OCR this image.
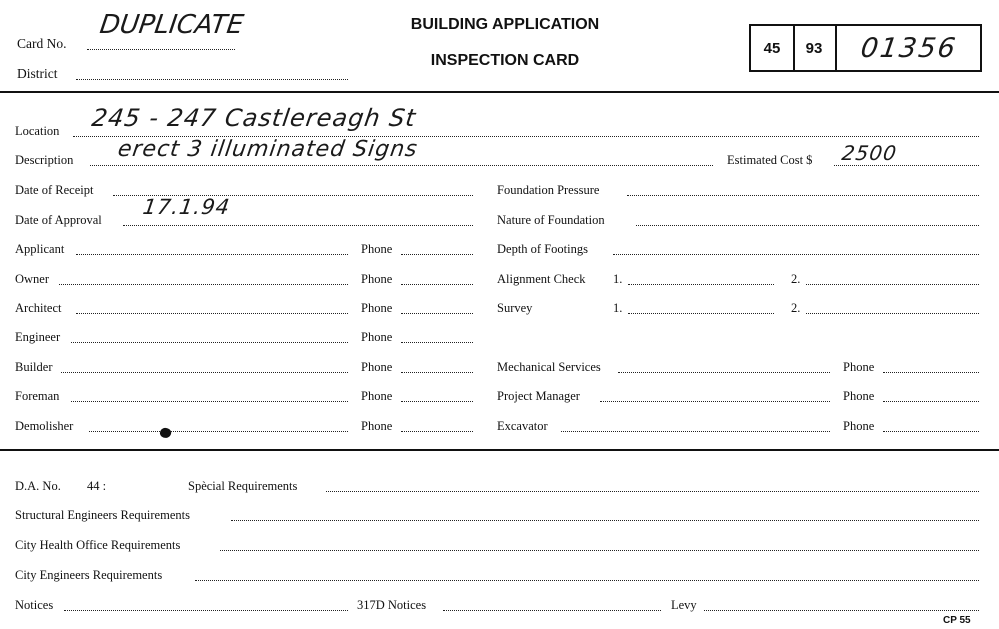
Card No.
DUPLICATE
District
BUILDING APPLICATION
INSPECTION CARD
45 93 01356
Location 245 - 247 Castlereagh St
Description erect 3 illuminated Signs	Estimated Cost $ 2500
Date of Receipt
Date of Approval
17.1.94
Applicant	Phone
Owner	Phone
Architect	Phone
Engineer	Phone
Builder	Phone
Foreman	Phone
Demolisher	Phone
Foundation Pressure
Nature of Foundation
Depth of Footings
Alignment Check 1.	2.
Survey	1.	2.
Mechanical Services	Phone
Project Manager	Phone
Excavator	Phone
D.A. No. 44 :	Spècial Requirements
Structural Engineers Requirements
City Health Office Requirements
City Engineers Requirements
Notices	317D Notices	Levy
CP 55
